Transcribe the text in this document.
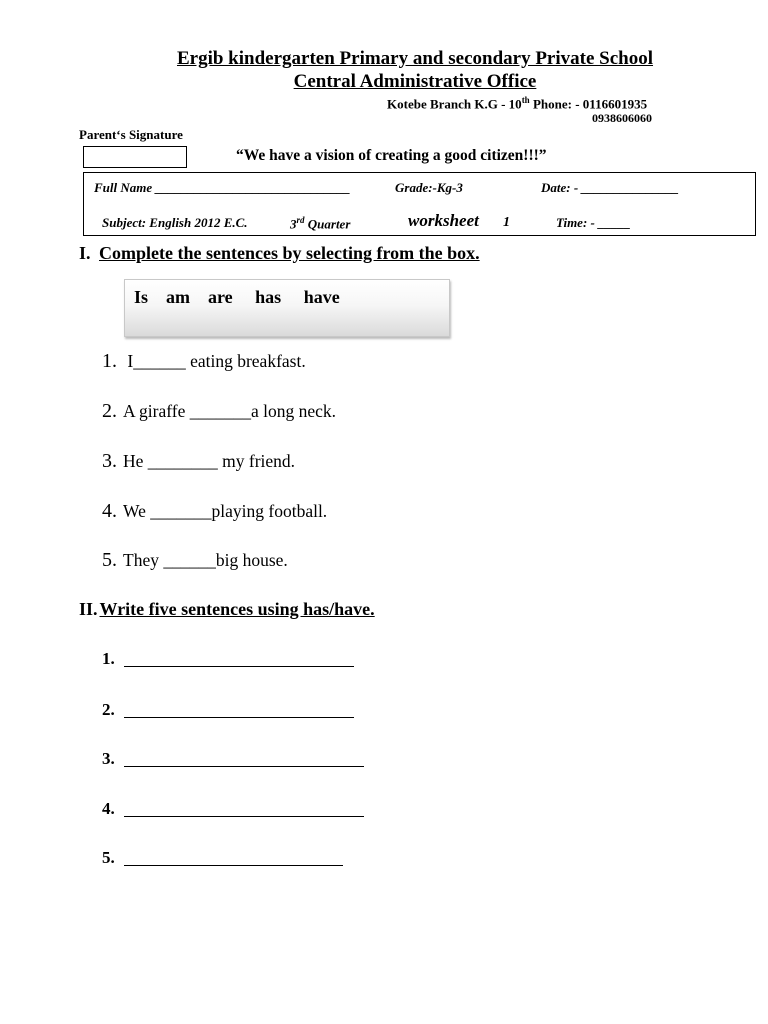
Ergib kindergarten Primary and secondary Private School
Central Administrative Office
Kotebe Branch K.G - 10th Phone: - 0116601935
0938606060
Parent‘s Signature
“We have a vision of creating a good citizen!!!”
Full Name ______________________________	Grade:-Kg-3	Date: - _______________
Subject: English 2012 E.C.	3rd Quarter	worksheet 1	Time: - _____
I. Complete the sentences by selecting from the box.
Is am are has have
1. I______ eating breakfast.
2. A giraffe _______a long neck.
3. He ________ my friend.
4. We _______playing football.
5. They ______big house.
II. Write five sentences using has/have.
1.
2.
3.
4.
5.
